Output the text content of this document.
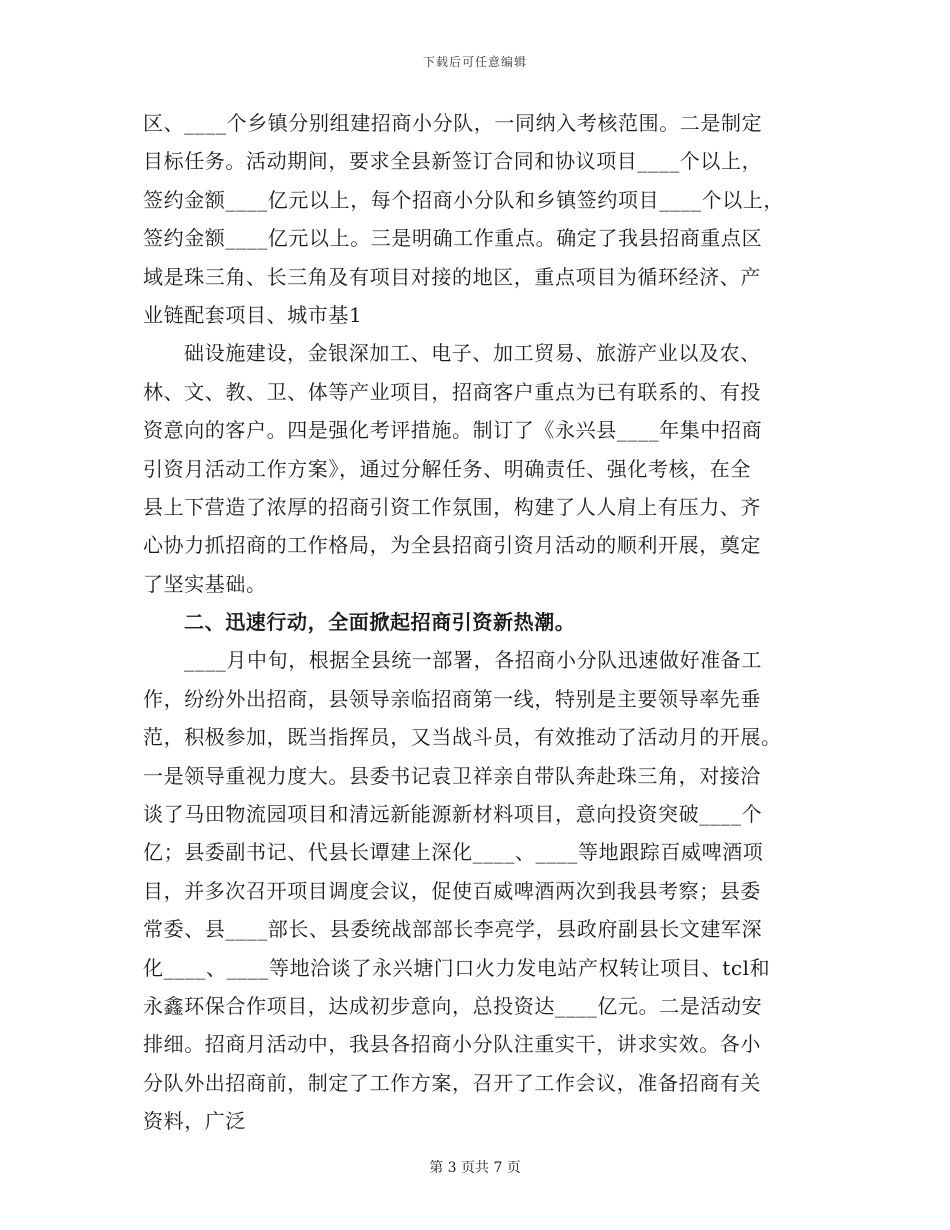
下载后可任意编辑
区、____个乡镇分别组建招商小分队，一同纳入考核范围。二是制定
目标任务。活动期间，要求全县新签订合同和协议项目____个以上，
签约金额____亿元以上，每个招商小分队和乡镇签约项目____个以上，
签约金额____亿元以上。三是明确工作重点。确定了我县招商重点区
域是珠三角、长三角及有项目对接的地区，重点项目为循环经济、产
业链配套项目、城市基1
础设施建设，金银深加工、电子、加工贸易、旅游产业以及农、
林、文、教、卫、体等产业项目，招商客户重点为已有联系的、有投
资意向的客户。四是强化考评措施。制订了《永兴县____年集中招商
引资月活动工作方案》，通过分解任务、明确责任、强化考核，在全
县上下营造了浓厚的招商引资工作氛围，构建了人人肩上有压力、齐
心协力抓招商的工作格局，为全县招商引资月活动的顺利开展，奠定
了坚实基础。
二、迅速行动，全面掀起招商引资新热潮。
____月中旬，根据全县统一部署，各招商小分队迅速做好准备工
作，纷纷外出招商，县领导亲临招商第一线，特别是主要领导率先垂
范，积极参加，既当指挥员，又当战斗员，有效推动了活动月的开展。
一是领导重视力度大。县委书记袁卫祥亲自带队奔赴珠三角，对接洽
谈了马田物流园项目和清远新能源新材料项目，意向投资突破____个
亿；县委副书记、代县长谭建上深化____、____等地跟踪百威啤酒项
目，并多次召开项目调度会议，促使百威啤酒两次到我县考察；县委
常委、县____部长、县委统战部部长李亮学，县政府副县长文建军深
化____、____等地洽谈了永兴塘门口火力发电站产权转让项目、tcl和
永鑫环保合作项目，达成初步意向，总投资达____亿元。二是活动安
排细。招商月活动中，我县各招商小分队注重实干，讲求实效。各小
分队外出招商前，制定了工作方案，召开了工作会议，准备招商有关
资料，广泛
第 3 页共 7 页
